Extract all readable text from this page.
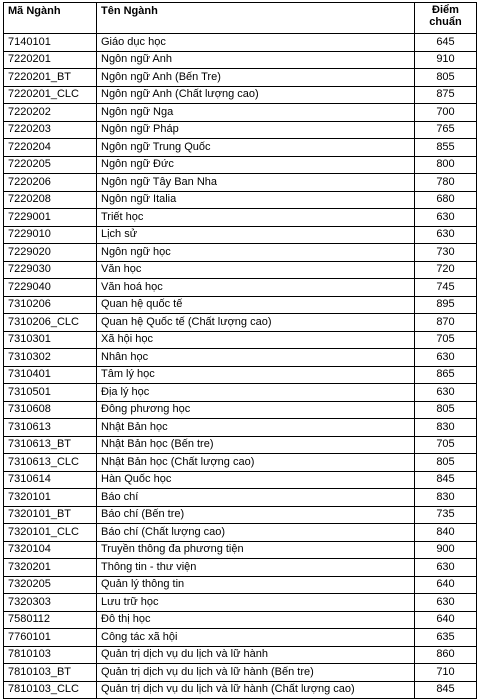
Mã Ngành	Tên Ngành	Điểm
chuẩn
7140101	Giáo dục học	645
7220201	Ngôn ngữ Anh	910
7220201_BT	Ngôn ngữ Anh (Bến Tre)	805
7220201_CLC	Ngôn ngữ Anh (Chất lượng cao)	875
7220202	Ngôn ngữ Nga	700
7220203	Ngôn ngữ Pháp	765
7220204	Ngôn ngữ Trung Quốc	855
7220205	Ngôn ngữ Đức	800
7220206	Ngôn ngữ Tây Ban Nha	780
7220208	Ngôn ngữ Italia	680
7229001	Triết học	630
7229010	Lịch sử	630
7229020	Ngôn ngữ học	730
7229030	Văn học	720
7229040	Văn hoá học	745
7310206	Quan hệ quốc tế	895
7310206_CLC	Quan hệ Quốc tế (Chất lượng cao)	870
7310301	Xã hội học	705
7310302	Nhân học	630
7310401	Tâm lý học	865
7310501	Địa lý học	630
7310608	Đông phương học	805
7310613	Nhật Bản học	830
7310613_BT	Nhật Bản học (Bến tre)	705
7310613_CLC	Nhật Bản học (Chất lượng cao)	805
7310614	Hàn Quốc học	845
7320101	Báo chí	830
7320101_BT	Báo chí (Bến tre)	735
7320101_CLC	Báo chí (Chất lượng cao)	840
7320104	Truyền thông đa phương tiện	900
7320201	Thông tin - thư viện	630
7320205	Quản lý thông tin	640
7320303	Lưu trữ học	630
7580112	Đô thị học	640
7760101	Công tác xã hội	635
7810103	Quản trị dịch vụ du lịch và lữ hành	860
7810103_BT	Quản trị dịch vụ du lịch và lữ hành (Bến tre)	710
7810103_CLC	Quản trị dịch vụ du lịch và lữ hành (Chất lượng cao)	845
